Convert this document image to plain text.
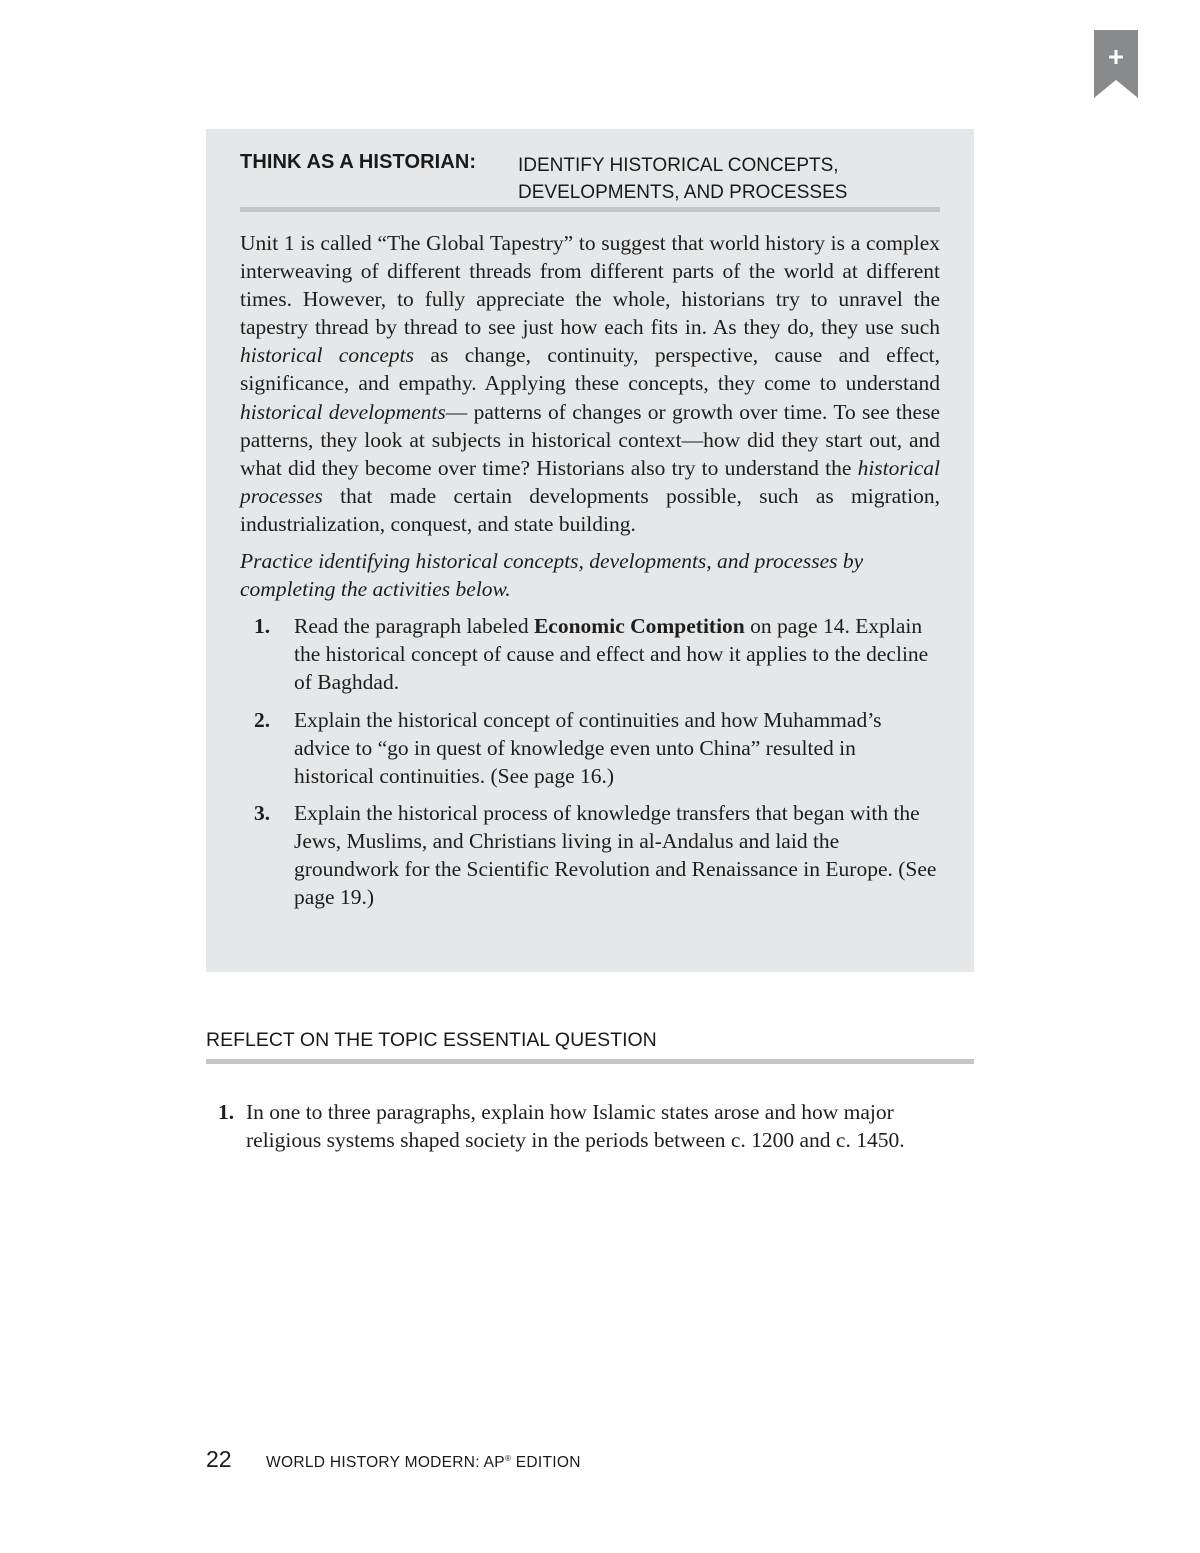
THINK AS A HISTORIAN: IDENTIFY HISTORICAL CONCEPTS,
DEVELOPMENTS, AND PROCESSES

Unit 1 is called “The Global Tapestry” to suggest that world history is a complex interweaving of different threads from different parts of the world at different times. However, to fully appreciate the whole, historians try to unravel the tapestry thread by thread to see just how each fits in. As they do, they use such historical concepts as change, continuity, perspective, cause and effect, significance, and empathy. Applying these concepts, they come to understand historical developments— patterns of changes or growth over time. To see these patterns, they look at subjects in historical context—how did they start out, and what did they become over time? Historians also try to understand the historical processes that made certain developments possible, such as migration, industrialization, conquest, and state building.

Practice identifying historical concepts, developments, and processes by completing the activities below.

1.	Read the paragraph labeled Economic Competition on page 14. Explain the historical concept of cause and effect and how it applies to the decline of Baghdad.
2.	Explain the historical concept of continuities and how Muhammad’s advice to “go in quest of knowledge even unto China” resulted in historical continuities. (See page 16.)
3.	Explain the historical process of knowledge transfers that began with the Jews, Muslims, and Christians living in al-Andalus and laid the groundwork for the Scientific Revolution and Renaissance in Europe. (See page 19.)
REFLECT ON THE TOPIC ESSENTIAL QUESTION
1. In one to three paragraphs, explain how Islamic states arose and how major religious systems shaped society in the periods between c. 1200 and c. 1450.
22 WORLD HISTORY MODERN: AP® EDITION
